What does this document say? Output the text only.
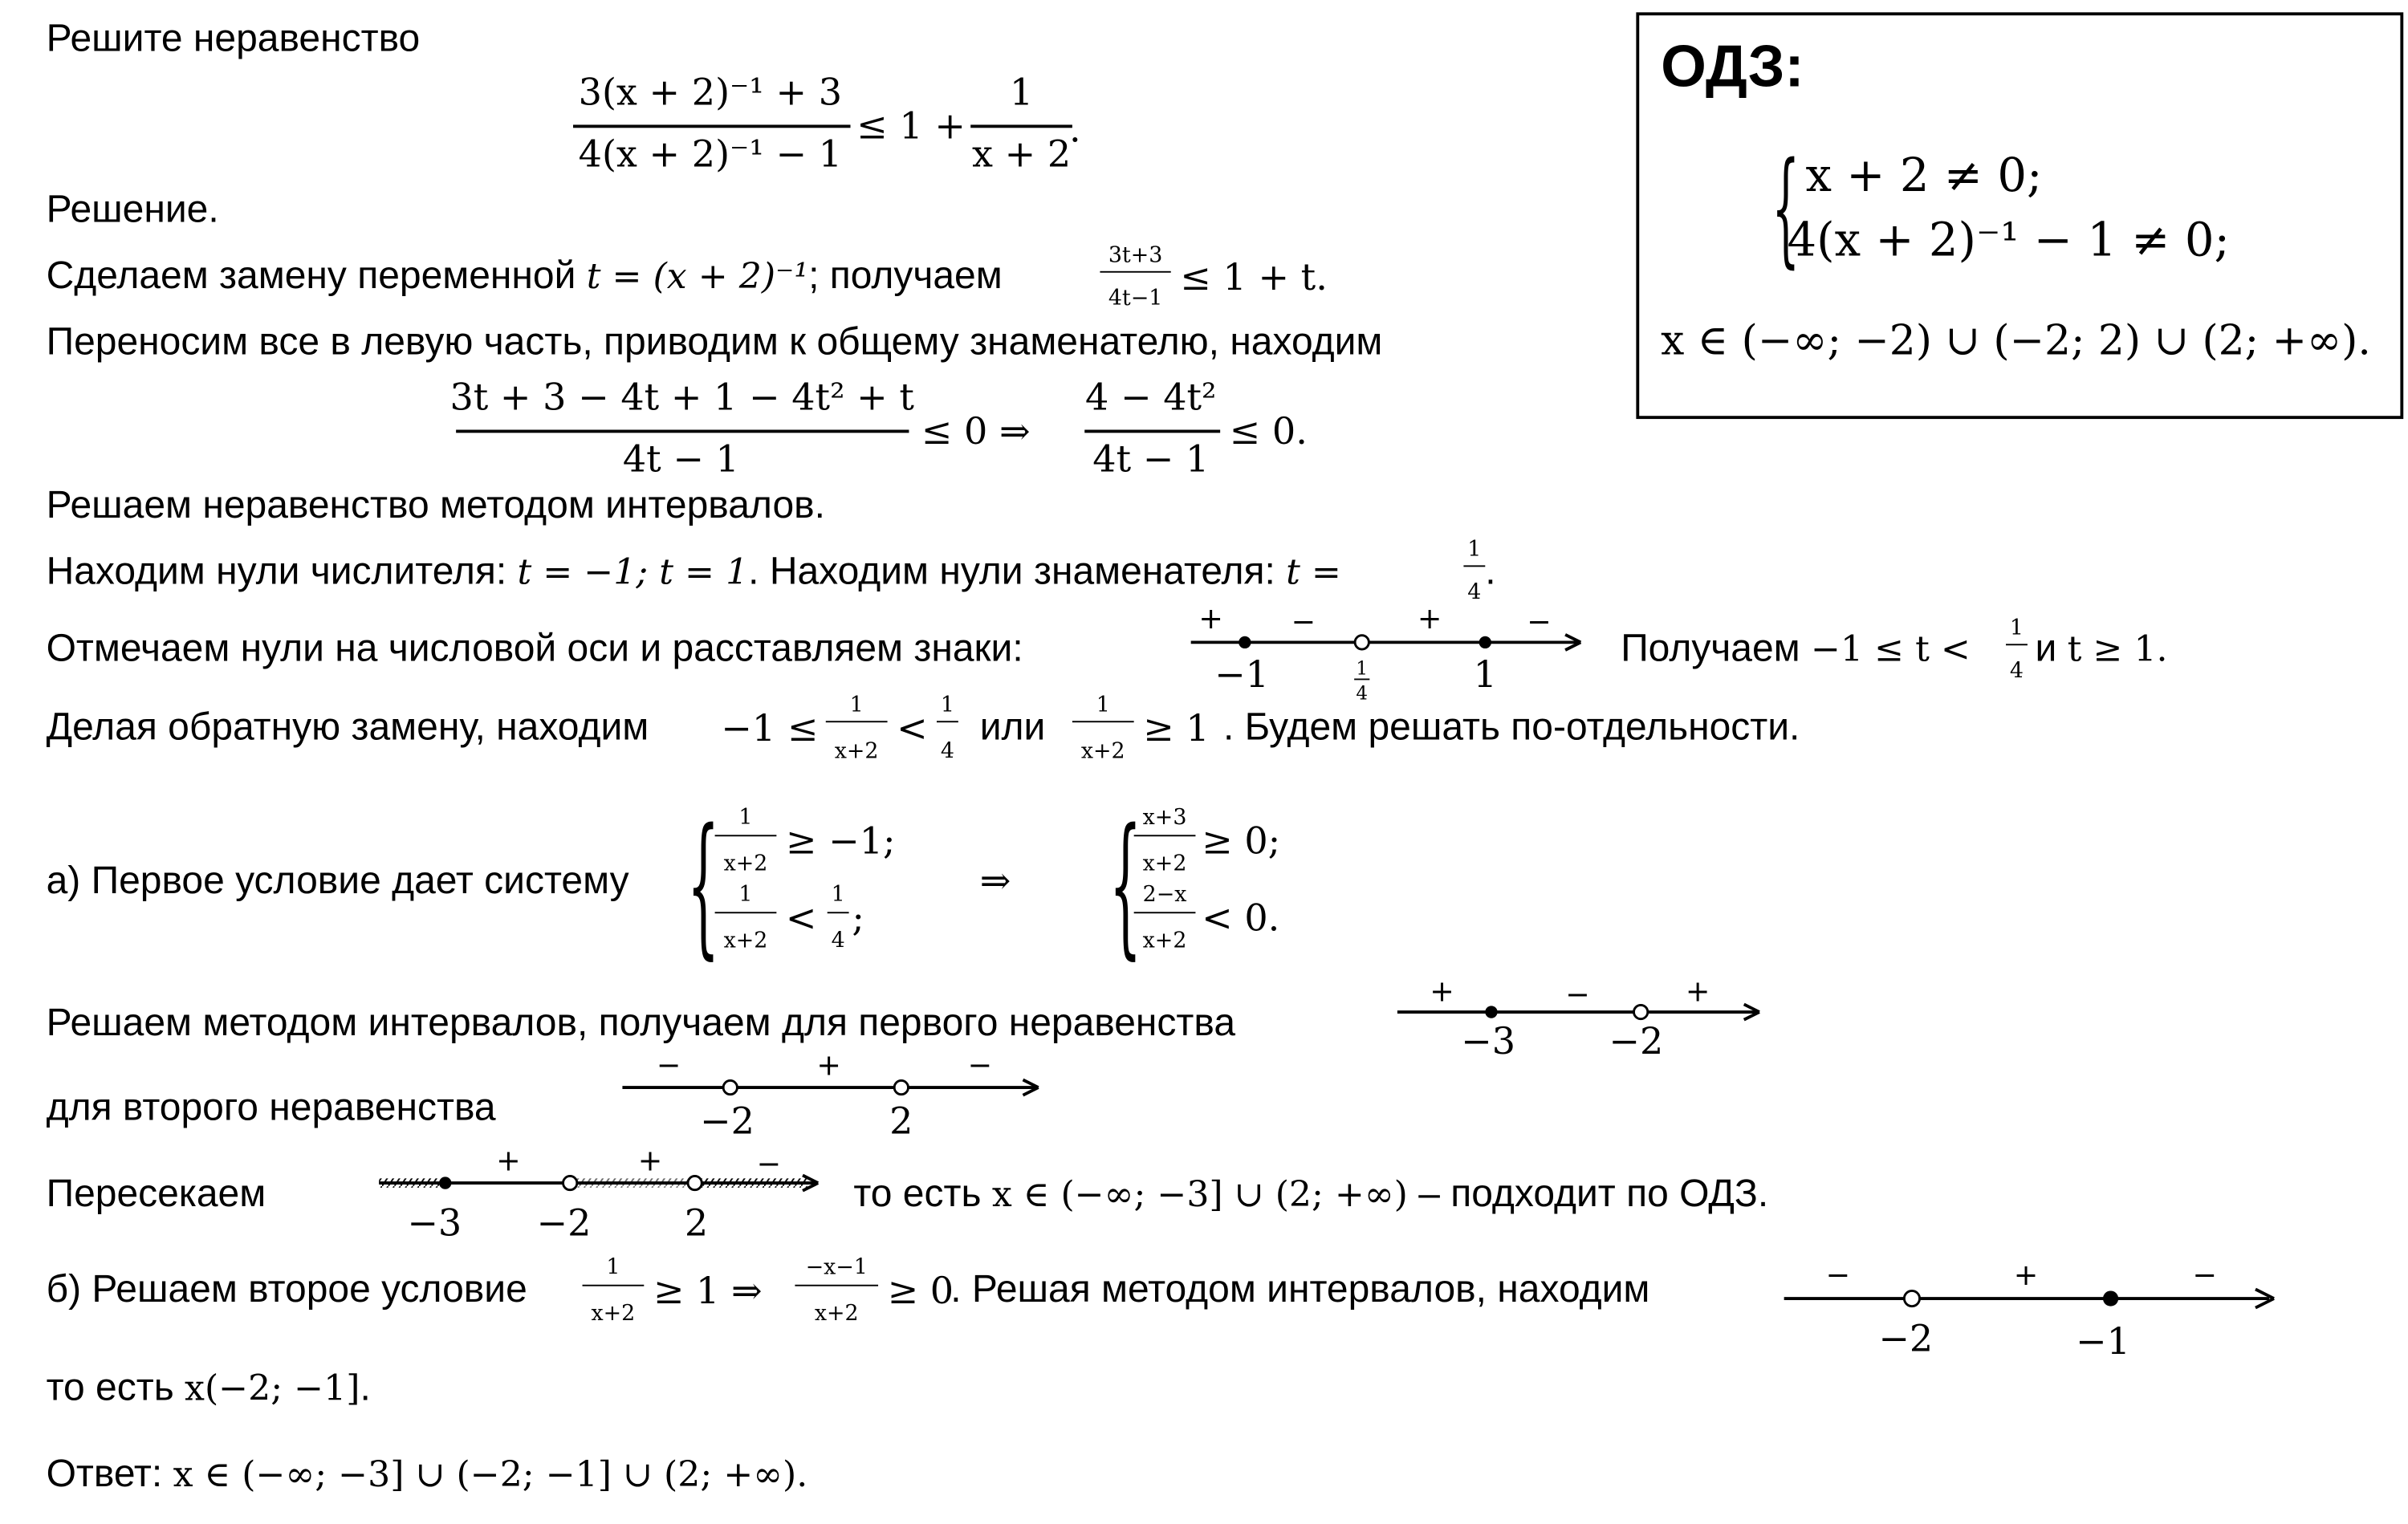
Решите неравенство
3(x + 2)⁻¹ + 3
4(x + 2)⁻¹ − 1
≤ 1 +
1
x + 2
.
ОДЗ:
{ x + 2 ≠ 0;
4(x + 2)⁻¹ − 1 ≠ 0;
x ∈ (−∞; −2) ∪ (−2; 2) ∪ (2; +∞).
Решение.
Сделаем замену переменной t = (x + 2)⁻¹; получаем	3t+3
4t−1 ≤ 1 + t.
Переносим все в левую часть, приводим к общему знаменателю, находим
3t + 3 − 4t + 1 − 4t² + t
4t − 1
≤ 0 ⇒
4 − 4t²
4t − 1
≤ 0.
Решаем неравенство методом интервалов.
Находим нули числителя: t = −1; t = 1. Находим нули знаменателя: t =
1
4 .
Отмечаем нули на числовой оси и расставляем знаки:
+	−	+	−
−1	1
4	1
Получаем −1 ≤ t <
1
4
и t ≥ 1.
Делая обратную замену, находим	−1 ≤
1
x+2
<
1
4
или	1
x+2
≥ 1 . Будем решать по-отдельности.
а) Первое условие дает систему {	1
x+2
≥ −1;
1
x+2
<
1
4
;
⇒ { x+3
x+2
≥ 0;
2−x
x+2
< 0.
Решаем методом интервалов, получаем для первого неравенства
+	−	+
−3	−2
для второго неравенства
−	+	−
−2	2
Пересекаем
+	+	−
−3	−2	2
то есть x ∈ (−∞; −3] ∪ (2; +∞) – подходит по ОДЗ.
б) Решаем второе условие	1
x+2
≥ 1 ⇒
−x−1
x+2
≥ 0
. Решая методом интервалов, находим	−	+	−
−2	−1
то есть x(−2; −1].
Ответ: x ∈ (−∞; −3] ∪ (−2; −1] ∪ (2; +∞).
